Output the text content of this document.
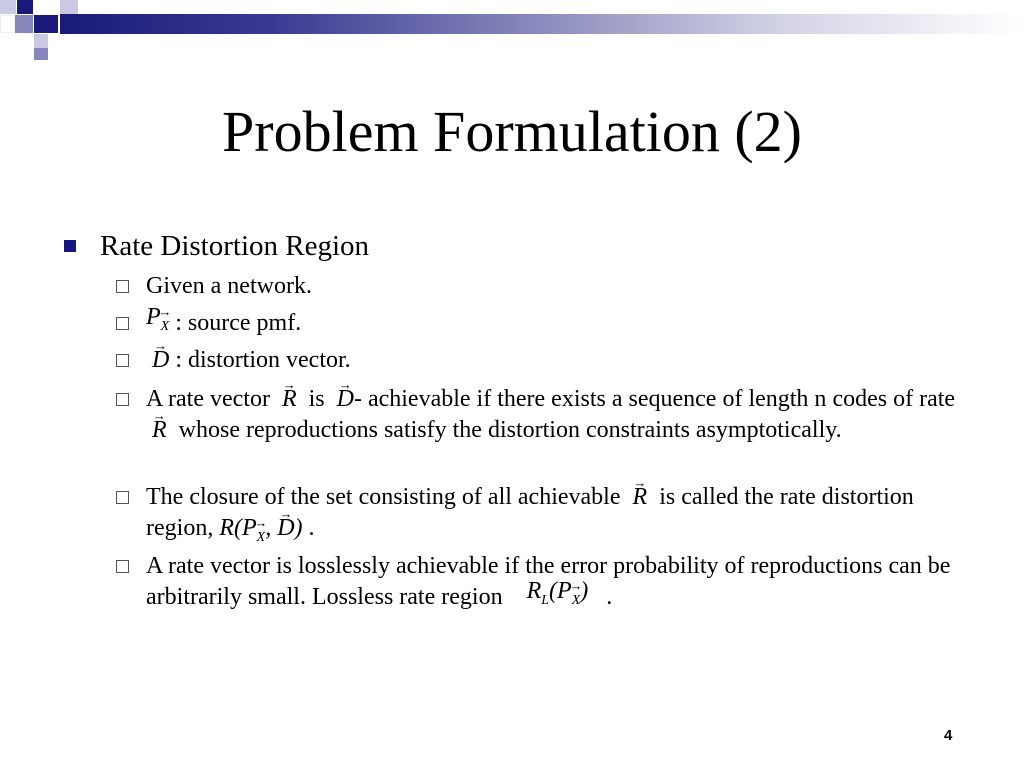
Problem Formulation (2)
Rate Distortion Region
Given a network.
P→ X : source pmf.
→ D : distortion vector.
A rate vector → R is → D- achievable if there exists a sequence of length n codes of rate  → R whose reproductions satisfy the distortion constraints asymptotically.
The closure of the set consisting of all achievable → R is called the rate distortion region, R(P→ X, → D) .
A rate vector is losslessly achievable if the error probability of reproductions can be arbitrarily small. Lossless rate region $R_L(P\to X)$ .
4
